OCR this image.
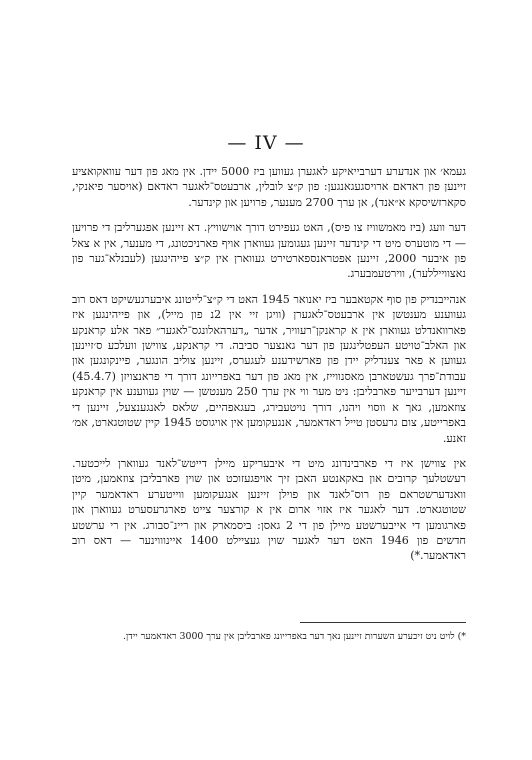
— IV —

געמא׳ און אנדערע דערבייאיקע לאגערן געווען ביז 5000 יידן. אין מאג פון דער עוואקואציע זיינען פון ראדאם ארויסגעגאנגען: פון ק״צ לובלין, ארבעטס־לאגער ראדאם (אויסער פיאנקי, סקארזשיסקא א״אנד), אן ערך 2700 מענער, פרויען און קינדער.

דער וועג (ביז מאמשוויז צו פיס), האט געפירט דורך אוישוויץ. דא זיינען אפגערליבן די פרויען — די מוטערס מיט די קינדער זיינען געגומען געווארן אויף פארניכטונג, די מענער, אין א צאל פון איבער 2000, זיינען אפטראנספארטירט געווארן אין ק״צ פייהינגען (לעבנלא־גער פון נאצווייללער), ווירטעמבערג.

אנהייבנדיק פון סוף אקטאבער ביז יאנואר 1945 האט די ק״צ־לייטונג איבערגעשיקט דאס רוב געווענע מענטשן אין ארבעטס־לאגערן (וויגן זיי אין 2נ פון מייל), און פייהינגען איז פארוואנדלט געווארן אין א קראנקן־רעוויר, אדער „דערהאלונגס־לאגער״ פאר אלע קראנקע און האלב־טויטע העפטלינגען פון דער גאנצער סביבה. די קראנקע, צווישן וועלכע ס׳זיינען געווען א פאר צענדליק יידן פון פארשידענע לעגערס, זיינען צוליב הונגער, פיינקונגען און עבודת־פרך געשטארבן מאסנווייז, אין מאג פון דער באפרייונג דורך די פראנצויזן (45.4.7) זיינען דערבייער פארבליבן: ניט מער ווי אין ערך 250 מענטשן — שוין געווענע אין קראנקע צוזאמען, גאך א ווסוי ויהנו, דורך נויטעבירג, בעגאפהיים, שלאס לאנגענצעל, זיינען די באפרייטע, צום גרעסטן טייל ראדאמער, אנגעקומען אין אויגוסט 1945 קיין שטוטגארט, אמ׳ זאנע.

אין צווישן איז די פארבינדונג מיט די איבעריקע מיילן דייטש־לאנד געווארן לייכטער. רעשטלעך קרובים און באקאנטע האבן זיך אויפגעזוכט און שוין פארבליבן צוזאמען, מיטן וואנדערשטראם פון רוס־לאנד און פוילן זיינען אנגעקומען ווייטערע ראדאמער קיין שטוטגארט. דער לאגער איז אזוי ארום אין א קורצער צייט פארגרעסערט געווארן און פארגומען די אייבערשטע מיילן פון די 2 גאסן: ביסמארק און ריינ־סבורג. אין רי ערשטע חדשים פון 1946 האט דער לאגער שוין געציילט 1400 איינוווינער — דאס רוב ראדאמער.*)

*) לויט ניט זיכערע השערות זיינען נאך דער באפרייונג פארבליבן אין ערך 3000 ראדאמער יידן.
